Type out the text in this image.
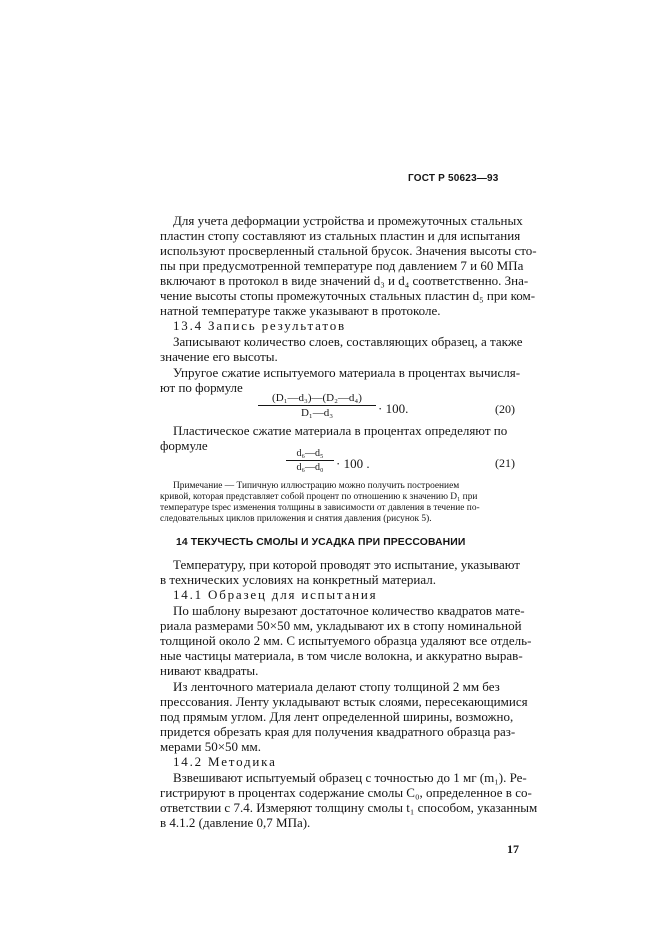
ГОСТ Р 50623—93
Для учета деформации устройства и промежуточных стальных
пластин стопу составляют из стальных пластин и для испытания
используют просверленный стальной брусок. Значения высоты сто-
пы при предусмотренной температуре под давлением 7 и 60 МПа
включают в протокол в виде значений d₃ и d₄ соответственно. Зна-
чение высоты стопы промежуточных стальных пластин d₅ при ком-
натной температуре также указывают в протоколе.
13.4 Запись результатов
Записывают количество слоев, составляющих образец, а также
значение его высоты.
Упругое сжатие испытуемого материала в процентах вычисля-
ют по формуле
$\frac{\text{(D₁—d₃)—(D₂—d₄)}}{\text{D₁—d₃}} \cdot 100$.	(20)
Пластическое сжатие материала в процентах определяют по
формуле
$\frac{\text{d₆—d₅}}{\text{d₆—d₀}} \cdot 100$ .	(21)
Примечание — Типичную иллюстрацию можно получить построением
кривой, которая представляет собой процент по отношению к значению D₁ при
температуре tspec изменения толщины в зависимости от давления в течение по-
следовательных циклов приложения и снятия давления (рисунок 5).
14 ТЕКУЧЕСТЬ СМОЛЫ И УСАДКА ПРИ ПРЕССОВАНИИ
Температуру, при которой проводят это испытание, указывают
в технических условиях на конкретный материал.
14.1 Образец для испытания
По шаблону вырезают достаточное количество квадратов мате-
риала размерами 50×50 мм, укладывают их в стопу номинальной
толщиной около 2 мм. С испытуемого образца удаляют все отдель-
ные частицы материала, в том числе волокна, и аккуратно вырав-
нивают квадраты.
Из ленточного материала делают стопу толщиной 2 мм без
прессования. Ленту укладывают встык слоями, пересекающимися
под прямым углом. Для лент определенной ширины, возможно,
придется обрезать края для получения квадратного образца раз-
мерами 50×50 мм.
14.2 Методика
Взвешивают испытуемый образец с точностью до 1 мг (m₁). Ре-
гистрируют в процентах содержание смолы C₀, определенное в со-
ответствии с 7.4. Измеряют толщину смолы t₁ способом, указанным
в 4.1.2 (давление 0,7 МПа).
17
